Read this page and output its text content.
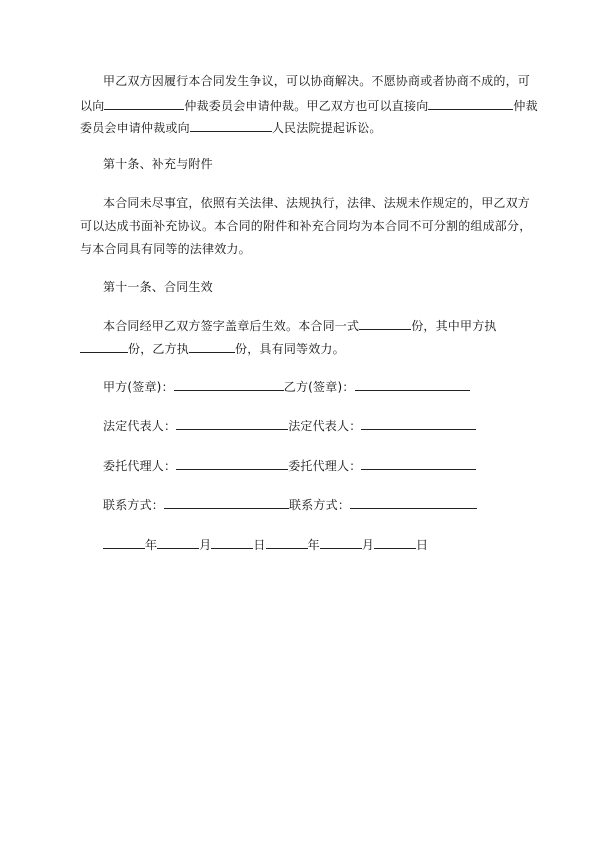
甲乙双方因履行本合同发生争议，可以协商解决。不愿协商或者协商不成的，可
以向	仲裁委员会申请仲裁。甲乙双方也可以直接向	仲裁
委员会申请仲裁或向	人民法院提起诉讼。
第十条、补充与附件
本合同未尽事宜，依照有关法律、法规执行，法律、法规未作规定的，甲乙双方
可以达成书面补充协议。本合同的附件和补充合同均为本合同不可分割的组成部分，
与本合同具有同等的法律效力。
第十一条、合同生效
本合同经甲乙双方签字盖章后生效。本合同一式	份，其中甲方执
份，乙方执	份，具有同等效力。
甲方(签章)：	乙方(签章)：
法定代表人：	法定代表人：
委托代理人：	委托代理人：
联系方式：	联系方式：
年	月	日	年	月	日
